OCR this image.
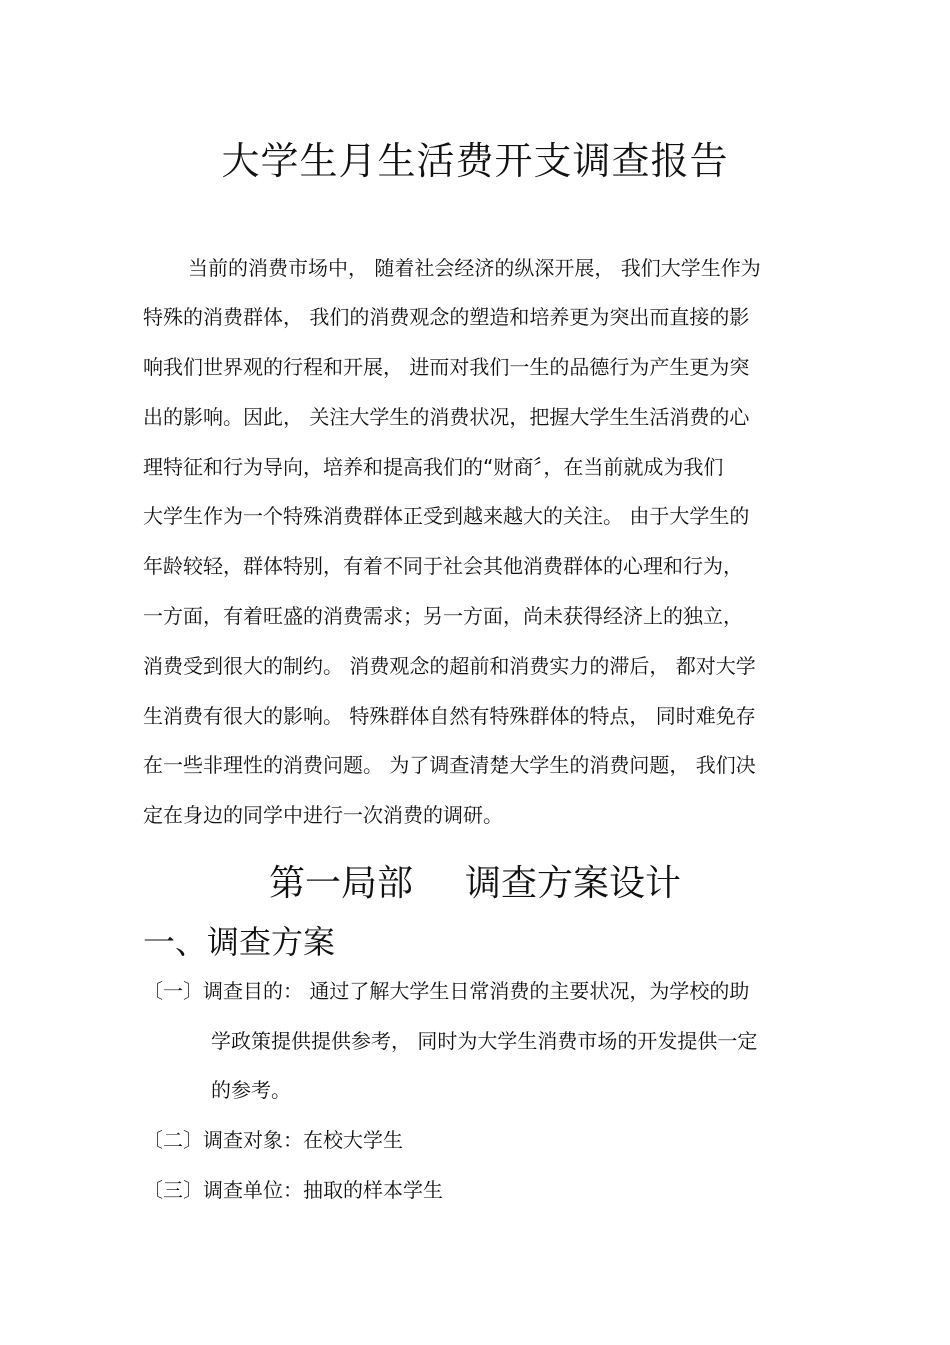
大学生月生活费开支调查报告
当前的消费市场中， 随着社会经济的纵深开展， 我们大学生作为
特殊的消费群体， 我们的消费观念的塑造和培养更为突出而直接的影
响我们世界观的行程和开展， 进而对我们一生的品德行为产生更为突
出的影响。因此， 关注大学生的消费状况，把握大学生生活消费的心
理特征和行为导向，培养和提高我们的“财商〞，在当前就成为我们
大学生作为一个特殊消费群体正受到越来越大的关注。 由于大学生的
年龄较轻，群体特别，有着不同于社会其他消费群体的心理和行为，
一方面，有着旺盛的消费需求；另一方面，尚未获得经济上的独立，
消费受到很大的制约。 消费观念的超前和消费实力的滞后， 都对大学
生消费有很大的影响。 特殊群体自然有特殊群体的特点， 同时难免存
在一些非理性的消费问题。 为了调查清楚大学生的消费问题， 我们决
定在身边的同学中进行一次消费的调研。
第一局部 调查方案设计
一、调查方案
〔一〕调查目的： 通过了解大学生日常消费的主要状况，为学校的助
学政策提供提供参考， 同时为大学生消费市场的开发提供一定
的参考。
〔二〕调查对象：在校大学生
〔三〕调查单位：抽取的样本学生
